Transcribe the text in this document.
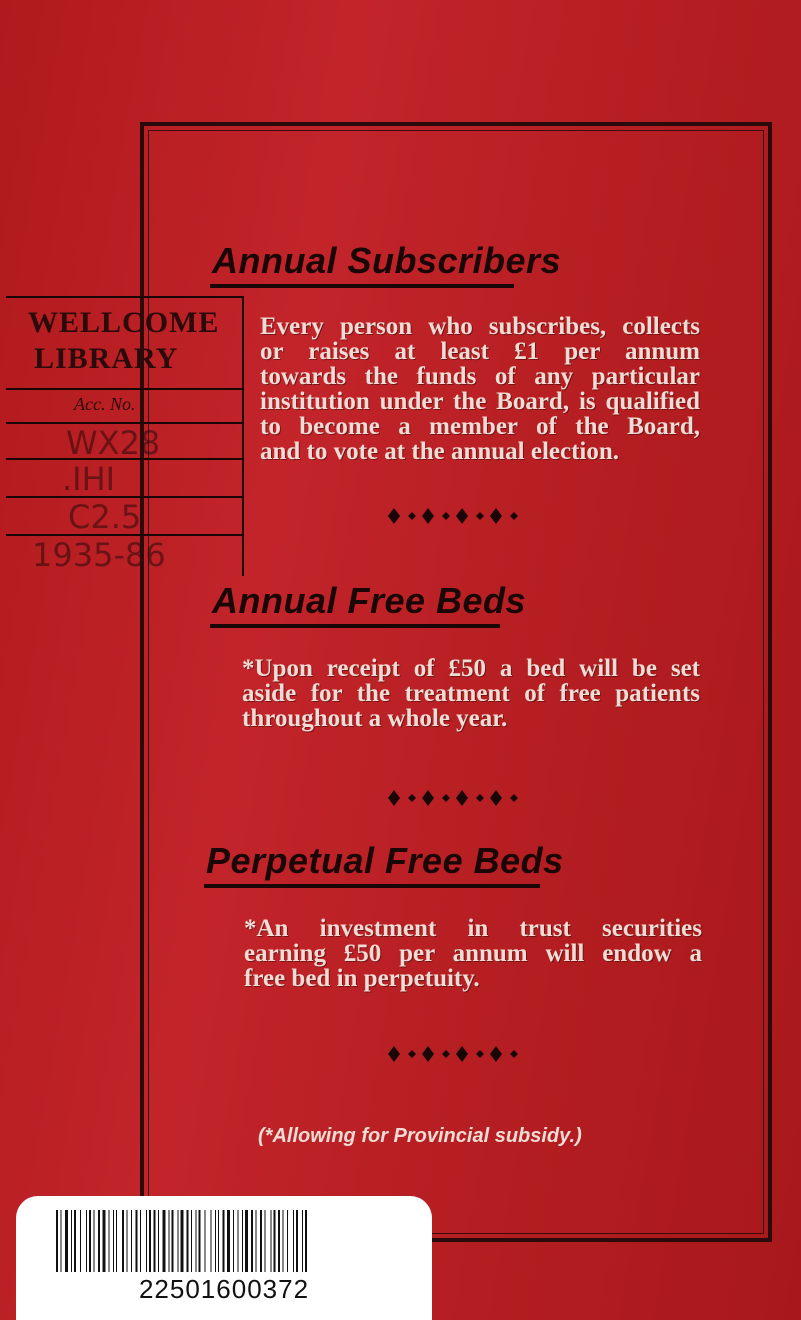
WELLCOME
LIBRARY
Acc. No.
WX28
.IHI
C2.5
1935-86
Annual Subscribers
Every person who subscribes, collects
or raises at least £1 per annum
towards the funds of any particular
institution under the Board, is qualified
to become a member of the Board,
and to vote at the annual election.
Annual Free Beds
*Upon receipt of £50 a bed will be set
aside for the treatment of free patients
throughout a whole year.
Perpetual Free Beds
*An investment in trust securities
earning £50 per annum will endow a
free bed in perpetuity.
(*Allowing for Provincial subsidy.)
22501600372
